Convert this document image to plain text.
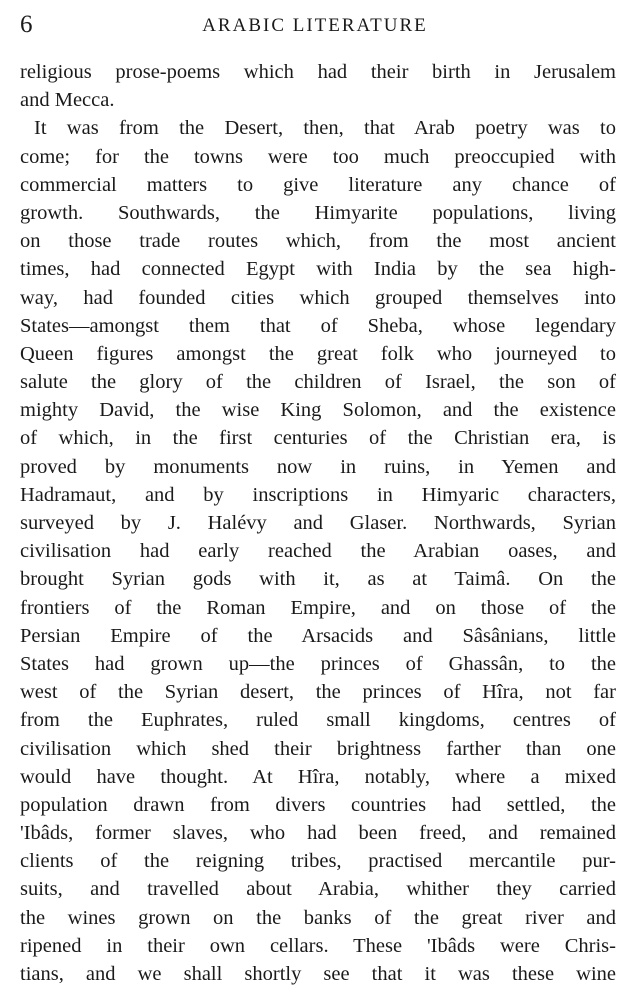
6	ARABIC LITERATURE
religious prose-poems which had their birth in Jerusalem
and Mecca.
It was from the Desert, then, that Arab poetry was to
come; for the towns were too much preoccupied with
commercial matters to give literature any chance of
growth. Southwards, the Himyarite populations, living
on those trade routes which, from the most ancient
times, had connected Egypt with India by the sea high-
way, had founded cities which grouped themselves into
States—amongst them that of Sheba, whose legendary
Queen figures amongst the great folk who journeyed to
salute the glory of the children of Israel, the son of
mighty David, the wise King Solomon, and the existence
of which, in the first centuries of the Christian era, is
proved by monuments now in ruins, in Yemen and
Hadramaut, and by inscriptions in Himyaric characters,
surveyed by J. Halévy and Glaser. Northwards, Syrian
civilisation had early reached the Arabian oases, and
brought Syrian gods with it, as at Taimâ. On the
frontiers of the Roman Empire, and on those of the
Persian Empire of the Arsacids and Sâsânians, little
States had grown up—the princes of Ghassân, to the
west of the Syrian desert, the princes of Hîra, not far
from the Euphrates, ruled small kingdoms, centres of
civilisation which shed their brightness farther than one
would have thought. At Hîra, notably, where a mixed
population drawn from divers countries had settled, the
'Ibâds, former slaves, who had been freed, and remained
clients of the reigning tribes, practised mercantile pur-
suits, and travelled about Arabia, whither they carried
the wines grown on the banks of the great river and
ripened in their own cellars. These 'Ibâds were Chris-
tians, and we shall shortly see that it was these wine
